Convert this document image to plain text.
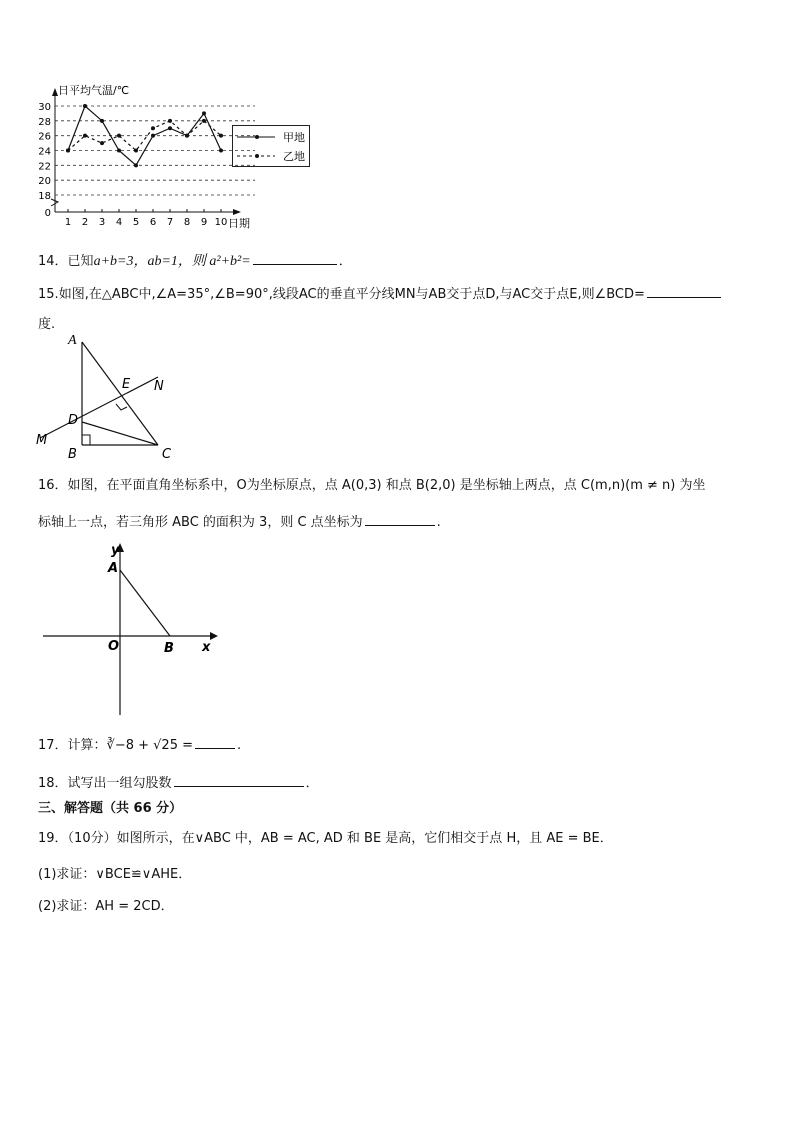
日平均气温/℃
日期
0
18
20
22
24
26
28
30
1 2 3 4 5 6 7 8 9 10
甲地
乙地
14．已知a+b=3，ab=1，则 a²+b²=	．
15.如图,在△ABC中,∠A=35°,∠B=90°,线段AC的垂直平分线MN与AB交于点D,与AC交于点E,则∠BCD=
度.
A
B	C
D
E
M
N
16．如图，在平面直角坐标系中，O为坐标原点，点 A(0,3) 和点 B(2,0) 是坐标轴上两点，点 C(m,n)(m ≠ n) 为坐
标轴上一点，若三角形 ABC 的面积为 3，则 C 点坐标为	.
y
x
A
O	B
17．计算：∛−8 + √25 =	.
18．试写出一组勾股数	．
三、解答题（共 66 分）
19．（10分）如图所示，在∨ABC 中，AB = AC, AD 和 BE 是高，它们相交于点 H，且 AE = BE．
(1)求证：∨BCE≌∨AHE．
(2)求证：AH = 2CD．
